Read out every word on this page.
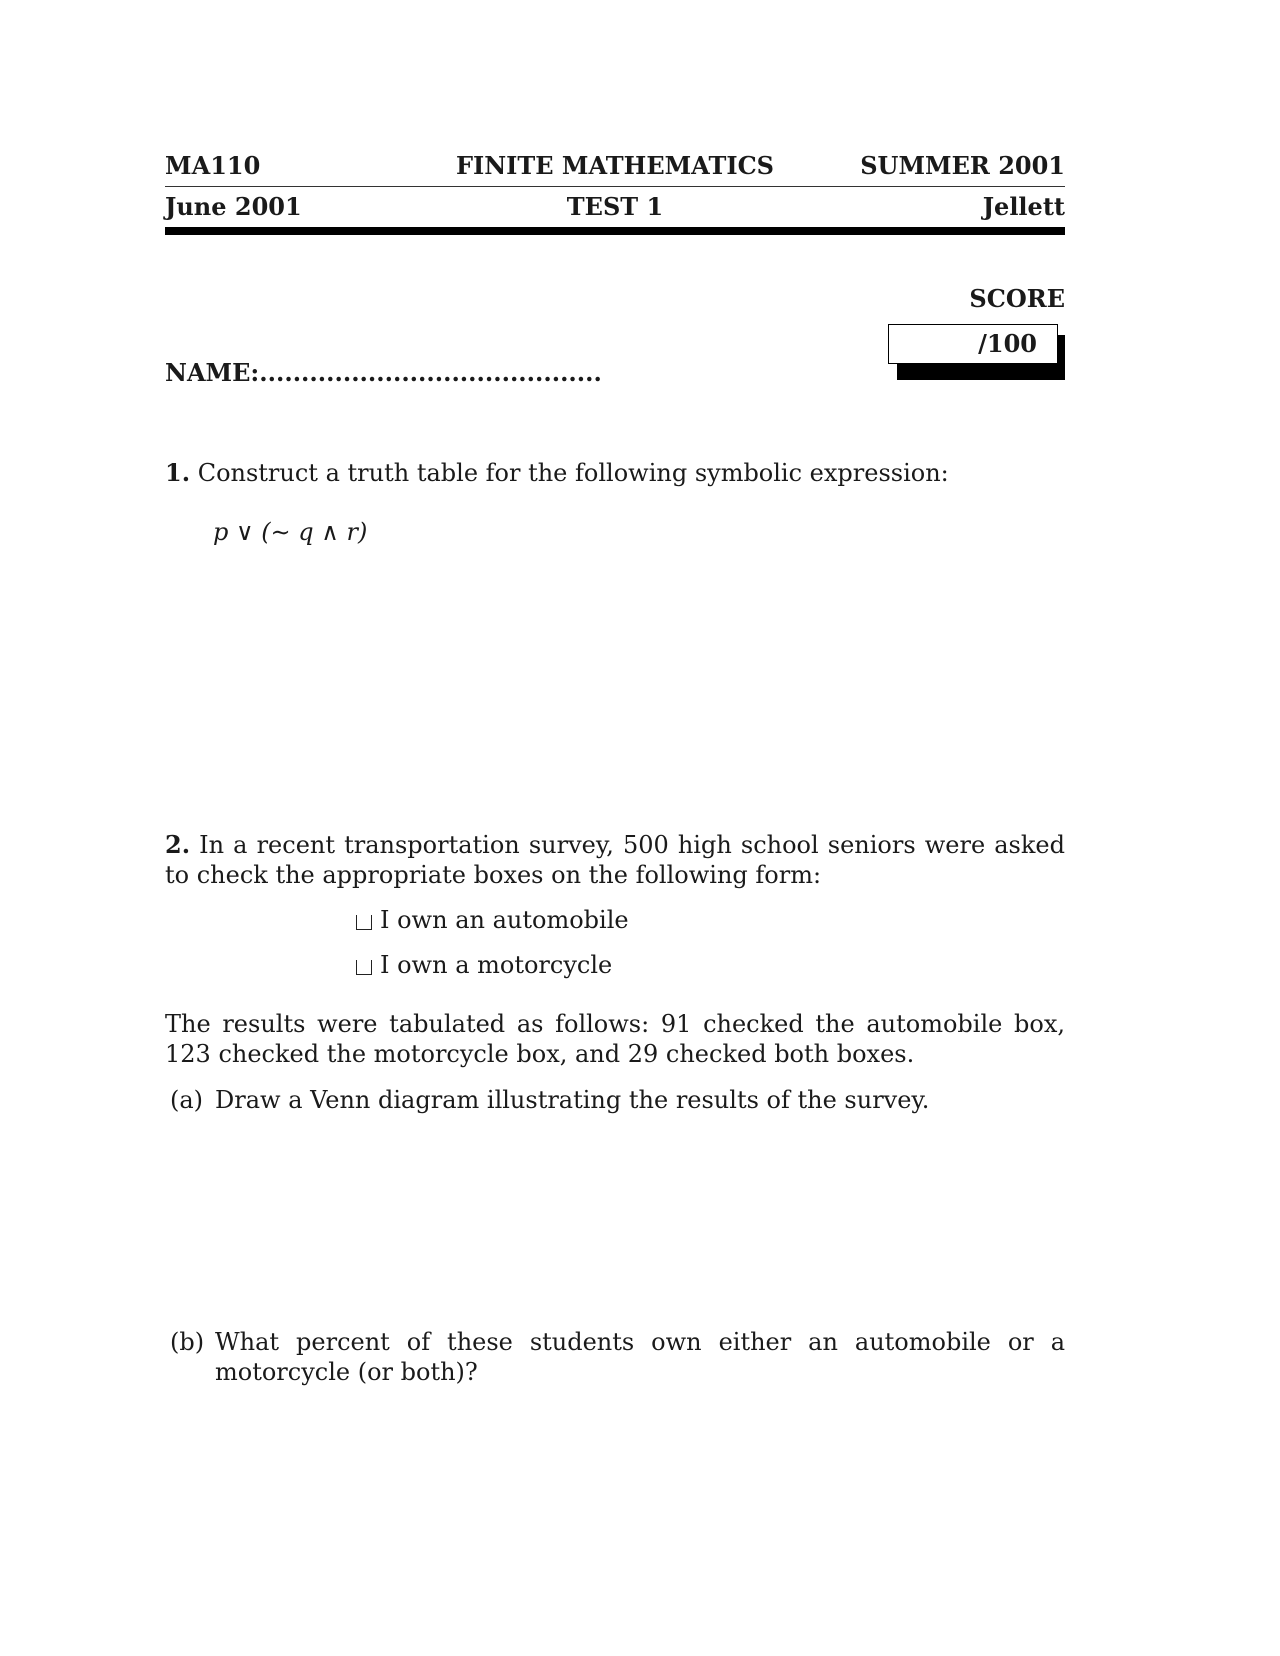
MA110	FINITE MATHEMATICS	SUMMER 2001
June 2001	TEST 1	Jellett
SCORE
/100
NAME:.........................................
1. Construct a truth table for the following symbolic expression:
p ∨ (∼ q ∧ r)
2. In a recent transportation survey, 500 high school seniors were asked to check the appropriate boxes on the following form:
I own an automobile
I own a motorcycle
The results were tabulated as follows: 91 checked the automobile box, 123 checked the motorcycle box, and 29 checked both boxes.
(a) Draw a Venn diagram illustrating the results of the survey.
(b) What percent of these students own either an automobile or a motorcycle (or both)?
